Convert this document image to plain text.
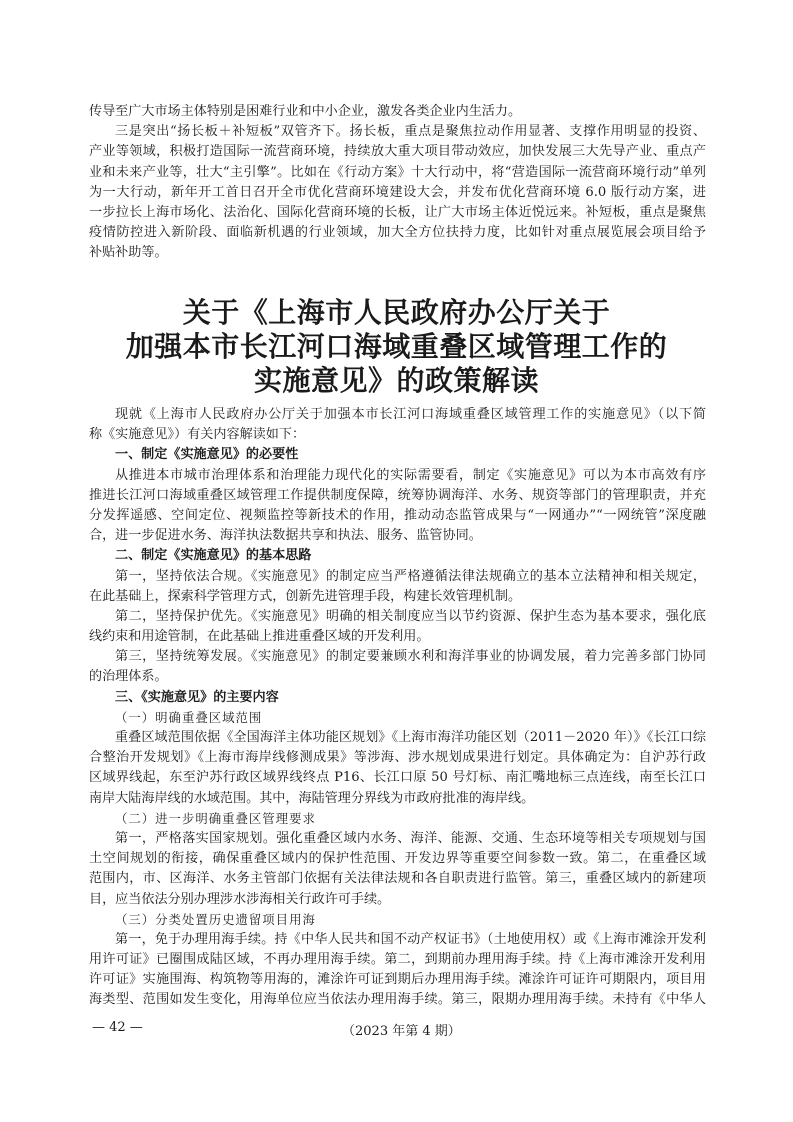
传导至广大市场主体特别是困难行业和中小企业，激发各类企业内生活力。
三是突出“扬长板＋补短板”双管齐下。扬长板，重点是聚焦拉动作用显著、支撑作用明显的投资、
产业等领域，积极打造国际一流营商环境，持续放大重大项目带动效应，加快发展三大先导产业、重点产
业和未来产业等，壮大“主引擎”。比如在《行动方案》十大行动中，将“营造国际一流营商环境行动”单列
为一大行动，新年开工首日召开全市优化营商环境建设大会，并发布优化营商环境 6.0 版行动方案，进
一步拉长上海市场化、法治化、国际化营商环境的长板，让广大市场主体近悦远来。补短板，重点是聚焦
疫情防控进入新阶段、面临新机遇的行业领域，加大全方位扶持力度，比如针对重点展览展会项目给予
补贴补助等。
关于《上海市人民政府办公厅关于
加强本市长江河口海域重叠区域管理工作的
实施意见》的政策解读
现就《上海市人民政府办公厅关于加强本市长江河口海域重叠区域管理工作的实施意见》（以下简
称《实施意见》）有关内容解读如下：
一、制定《实施意见》的必要性
从推进本市城市治理体系和治理能力现代化的实际需要看，制定《实施意见》可以为本市高效有序
推进长江河口海域重叠区域管理工作提供制度保障，统筹协调海洋、水务、规资等部门的管理职责，并充
分发挥遥感、空间定位、视频监控等新技术的作用，推动动态监管成果与“一网通办”“一网统管”深度融
合，进一步促进水务、海洋执法数据共享和执法、服务、监管协同。
二、制定《实施意见》的基本思路
第一，坚持依法合规。《实施意见》的制定应当严格遵循法律法规确立的基本立法精神和相关规定，
在此基础上，探索科学管理方式，创新先进管理手段，构建长效管理机制。
第二，坚持保护优先。《实施意见》明确的相关制度应当以节约资源、保护生态为基本要求，强化底
线约束和用途管制，在此基础上推进重叠区域的开发利用。
第三，坚持统筹发展。《实施意见》的制定要兼顾水利和海洋事业的协调发展，着力完善多部门协同
的治理体系。
三、《实施意见》的主要内容
（一）明确重叠区域范围
重叠区域范围依据《全国海洋主体功能区规划》《上海市海洋功能区划（2011－2020 年）》《长江口综
合整治开发规划》《上海市海岸线修测成果》等涉海、涉水规划成果进行划定。具体确定为：自沪苏行政
区域界线起，东至沪苏行政区域界线终点 P16、长江口原 50 号灯标、南汇嘴地标三点连线，南至长江口
南岸大陆海岸线的水域范围。其中，海陆管理分界线为市政府批准的海岸线。
（二）进一步明确重叠区管理要求
第一，严格落实国家规划。强化重叠区域内水务、海洋、能源、交通、生态环境等相关专项规划与国
土空间规划的衔接，确保重叠区域内的保护性范围、开发边界等重要空间参数一致。第二，在重叠区域
范围内，市、区海洋、水务主管部门依据有关法律法规和各自职责进行监管。第三，重叠区域内的新建项
目，应当依法分别办理涉水涉海相关行政许可手续。
（三）分类处置历史遗留项目用海
第一，免于办理用海手续。持《中华人民共和国不动产权证书》（土地使用权）或《上海市滩涂开发利
用许可证》已圈围成陆区域，不再办理用海手续。第二，到期前办理用海手续。持《上海市滩涂开发利用
许可证》实施围海、构筑物等用海的，滩涂许可证到期后办理用海手续。滩涂许可证许可期限内，项目用
海类型、范围如发生变化，用海单位应当依法办理用海手续。第三，限期办理用海手续。未持有《中华人
— 42 —	（2023 年第 4 期）
